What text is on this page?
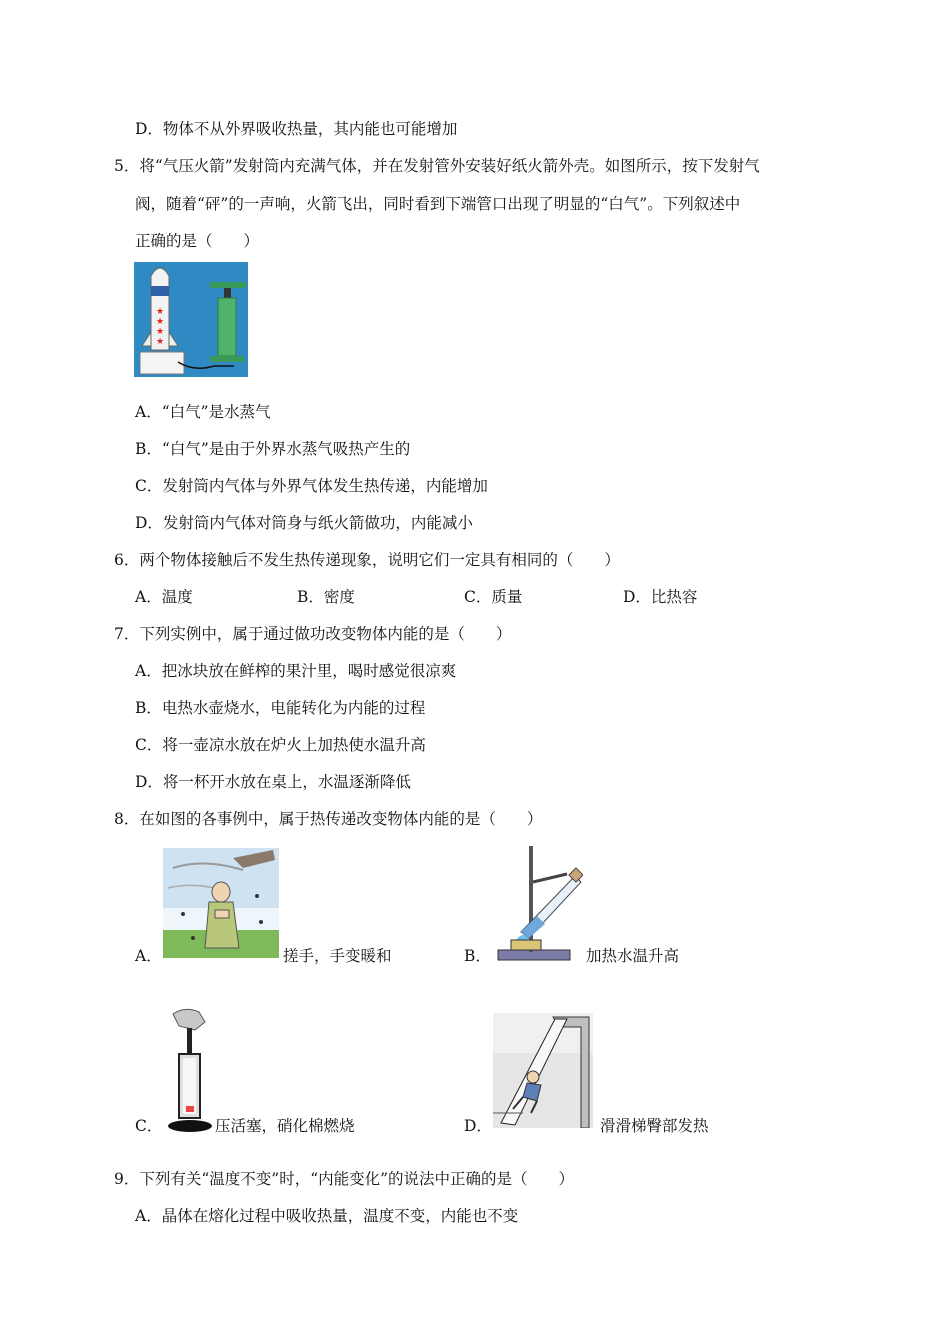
D．物体不从外界吸收热量，其内能也可能增加
5．将“气压火箭”发射筒内充满气体，并在发射管外安装好纸火箭外壳。如图所示，按下发射气
阀，随着“砰”的一声响，火箭飞出，同时看到下端管口出现了明显的“白气”。下列叙述中
正确的是（　　）
★
★
★
★
A．“白气”是水蒸气
B．“白气”是由于外界水蒸气吸热产生的
C．发射筒内气体与外界气体发生热传递，内能增加
D．发射筒内气体对筒身与纸火箭做功，内能减小
6．两个物体接触后不发生热传递现象，说明它们一定具有相同的（　　）
A．温度	B．密度	C．质量	D．比热容
7．下列实例中，属于通过做功改变物体内能的是（　　）
A．把冰块放在鲜榨的果汁里，喝时感觉很凉爽
B．电热水壶烧水，电能转化为内能的过程
C．将一壶凉水放在炉火上加热使水温升高
D．将一杯开水放在桌上，水温逐渐降低
8．在如图的各事例中，属于热传递改变物体内能的是（　　）
A．	搓手，手变暖和	B．	加热水温升高
C．	压活塞，硝化棉燃烧	D．	滑滑梯臀部发热
9．下列有关“温度不变”时，“内能变化”的说法中正确的是（　　）
A．晶体在熔化过程中吸收热量，温度不变，内能也不变
